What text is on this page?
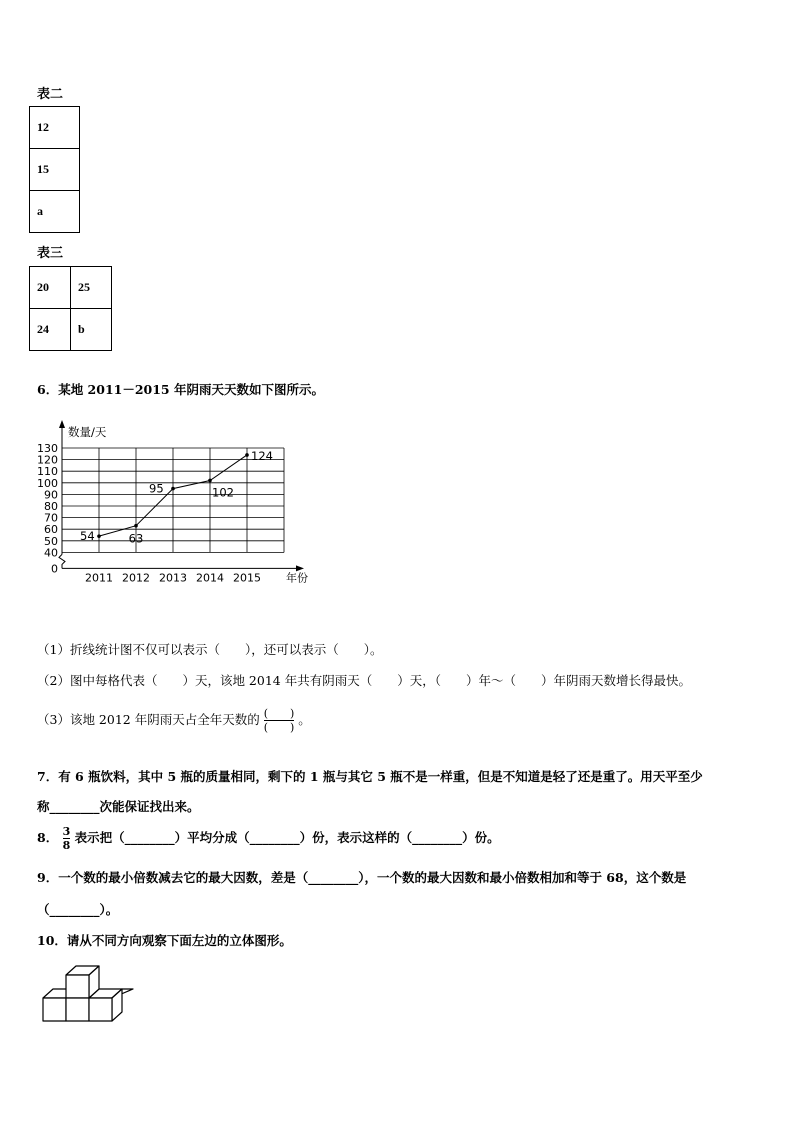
表二
12
15
a
表三
20	25
24	b
6．某地 2011－2015 年阴雨天天数如下图所示。
0
40
50
60
70
80
90
100
110
120
130
2011 2012 2013 2014 2015
数量/天
年份
54	63
95	102
124
（1）折线统计图不仅可以表示（　　），还可以表示（　　）。
（2）图中每格代表（　　）天，该地 2014 年共有阴雨天（　　）天，（　　）年～（　　）年阴雨天数增长得最快。
（3）该地 2012 年阴雨天占全年天数的 $\frac{( )}{( )}$ 。
7．有 6 瓶饮料，其中 5 瓶的质量相同，剩下的 1 瓶与其它 5 瓶不是一样重，但是不知道是轻了还是重了。用天平至少
称________次能保证找出来。
8． $\frac{3}{8}$ 表示把（________）平均分成（________）份，表示这样的（________）份。
9．一个数的最小倍数减去它的最大因数，差是（________），一个数的最大因数和最小倍数相加和等于 68，这个数是
（________）。
10．请从不同方向观察下面左边的立体图形。
